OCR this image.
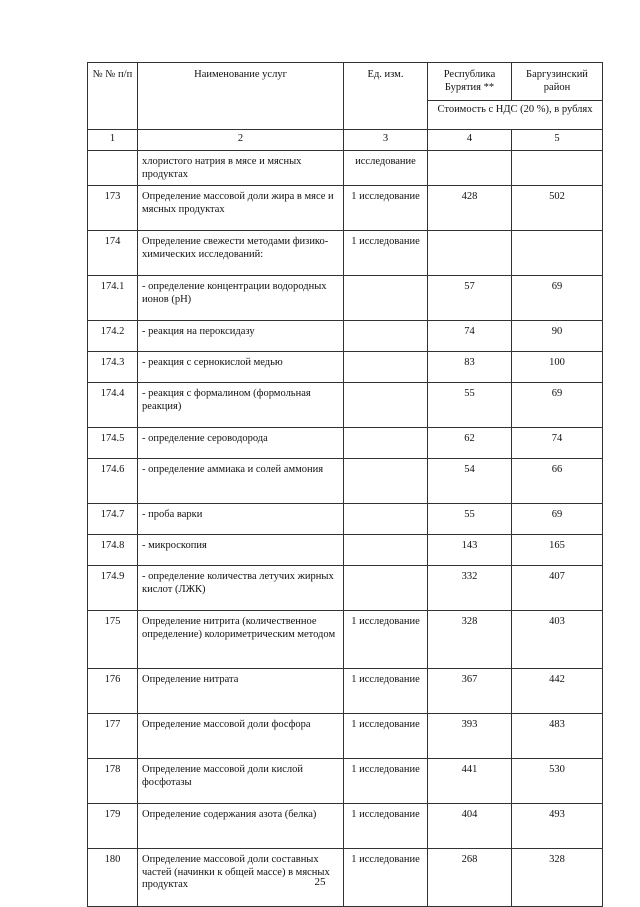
№ № п/п	Наименование услуг	Ед. изм.	Республика Бурятия **	Баргузинский район
			Стоимость с НДС (20 %), в рублях	
1	2	3	4	5
	хлористого натрия в мясе и мясных продуктах	исследование		
173	Определение массовой доли жира в мясе и мясных продуктах	1 исследование	428	502
174	Определение свежести методами физико-химических исследований:	1 исследование		
174.1	- определение концентрации водородных ионов (pH)		57	69
174.2	- реакция на пероксидазу		74	90
174.3	- реакция с сернокислой медью		83	100
174.4	- реакция с формалином (формольная реакция)		55	69
174.5	- определение сероводорода		62	74
174.6	- определение аммиака и солей аммония		54	66
174.7	- проба варки		55	69
174.8	- микроскопия		143	165
174.9	- определение количества летучих жирных кислот (ЛЖК)		332	407
175	Определение нитрита (количественное определение) колориметрическим методом	1 исследование	328	403
176	Определение нитрата	1 исследование	367	442
177	Определение массовой доли фосфора	1 исследование	393	483
178	Определение массовой доли кислой фосфотазы	1 исследование	441	530
179	Определение содержания азота (белка)	1 исследование	404	493
180	Определение массовой доли составных частей (начинки к общей массе) в мясных продуктах	1 исследование	268	328
25
